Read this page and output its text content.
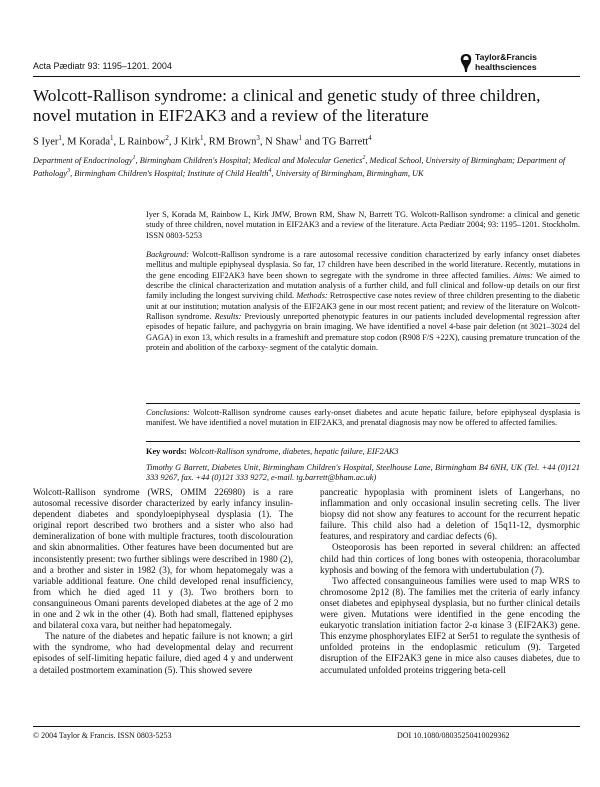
Acta Pædiatr 93: 1195–1201. 2004
Taylor&Francis
healthsciences
Wolcott-Rallison syndrome: a clinical and genetic study of three children, novel mutation in EIF2AK3 and a review of the literature
S Iyer$^1$, M Korada$^1$, L Rainbow$^2$, J Kirk$^1$, RM Brown$^3$, N Shaw$^1$ and TG Barrett$^4$
Department of Endocrinology$^1$, Birmingham Children's Hospital; Medical and Molecular Genetics$^2$, Medical School, University of Birmingham; Department of Pathology$^3$, Birmingham Children's Hospital; Institute of Child Health$^4$, University of Birmingham, Birmingham, UK
Iyer S, Korada M, Rainbow L, Kirk JMW, Brown RM, Shaw N, Barrett TG. Wolcott-Rallison syndrome: a clinical and genetic study of three children, novel mutation in EIF2AK3 and a review of the literature. Acta Pædiatr 2004; 93: 1195–1201. Stockholm. ISSN 0803-5253
Background: Wolcott-Rallison syndrome is a rare autosomal recessive condition characterized by early infancy onset diabetes mellitus and multiple epiphyseal dysplasia. So far, 17 children have been described in the world literature. Recently, mutations in the gene encoding EIF2AK3 have been shown to segregate with the syndrome in three affected families. Aims: We aimed to describe the clinical characterization and mutation analysis of a further child, and full clinical and follow-up details on our first family including the longest surviving child. Methods: Retrospective case notes review of three children presenting to the diabetic unit at our institution; mutation analysis of the EIF2AK3 gene in our most recent patient; and review of the literature on Wolcott-Rallison syndrome. Results: Previously unreported phenotypic features in our patients included developmental regression after episodes of hepatic failure, and pachygyria on brain imaging. We have identified a novel 4-base pair deletion (nt 3021–3024 del GAGA) in exon 13, which results in a frameshift and premature stop codon (R908 F/S +22X), causing premature truncation of the protein and abolition of the carboxy- segment of the catalytic domain.
Conclusions: Wolcott-Rallison syndrome causes early-onset diabetes and acute hepatic failure, before epiphyseal dysplasia is manifest. We have identified a novel mutation in EIF2AK3, and prenatal diagnosis may now be offered to affected families.
Key words: Wolcott-Rallison syndrome, diabetes, hepatic failure, EIF2AK3
Timothy G Barrett, Diabetes Unit, Birmingham Children's Hospital, Steelhouse Lane, Birmingham B4 6NH, UK (Tel. +44 (0)121 333 9267, fax. +44 (0)121 333 9272, e-mail. tg.barrett@bham.ac.uk)

Wolcott-Rallison syndrome (WRS, OMIM 226980) is a rare autosomal recessive disorder characterized by early infancy insulin-dependent diabetes and spondyloepiphyseal dysplasia (1). The original report described two brothers and a sister who also had demineralization of bone with multiple fractures, tooth discolouration and skin abnormalities. Other features have been documented but are inconsistently present: two further siblings were described in 1980 (2), and a brother and sister in 1982 (3), for whom hepatomegaly was a variable additional feature. One child developed renal insufficiency, from which he died aged 11 y (3). Two brothers born to consanguineous Omani parents developed diabetes at the age of 2 mo in one and 2 wk in the other (4). Both had small, flattened epiphyses and bilateral coxa vara, but neither had hepatomegaly.

The nature of the diabetes and hepatic failure is not known; a girl with the syndrome, who had developmental delay and recurrent episodes of self-limiting hepatic failure, died aged 4 y and underwent a detailed postmortem examination (5). This showed severe

pancreatic hypoplasia with prominent islets of Langerhans, no inflammation and only occasional insulin secreting cells. The liver biopsy did not show any features to account for the recurrent hepatic failure. This child also had a deletion of 15q11-12, dysmorphic features, and respiratory and cardiac defects (6).

Osteoporosis has been reported in several children: an affected child had thin cortices of long bones with osteopenia, thoracolumbar kyphosis and bowing of the femora with undertubulation (7).

Two affected consanguineous families were used to map WRS to chromosome 2p12 (8). The families met the criteria of early infancy onset diabetes and epiphyseal dysplasia, but no further clinical details were given. Mutations were identified in the gene encoding the eukaryotic translation initiation factor 2-α kinase 3 (EIF2AK3) gene. This enzyme phosphorylates EIF2 at Ser51 to regulate the synthesis of unfolded proteins in the endoplasmic reticulum (9). Targeted disruption of the EIF2AK3 gene in mice also causes diabetes, due to accumulated unfolded proteins triggering beta-cell

© 2004 Taylor & Francis. ISSN 0803-5253	DOI 10.1080/08035250410029362
